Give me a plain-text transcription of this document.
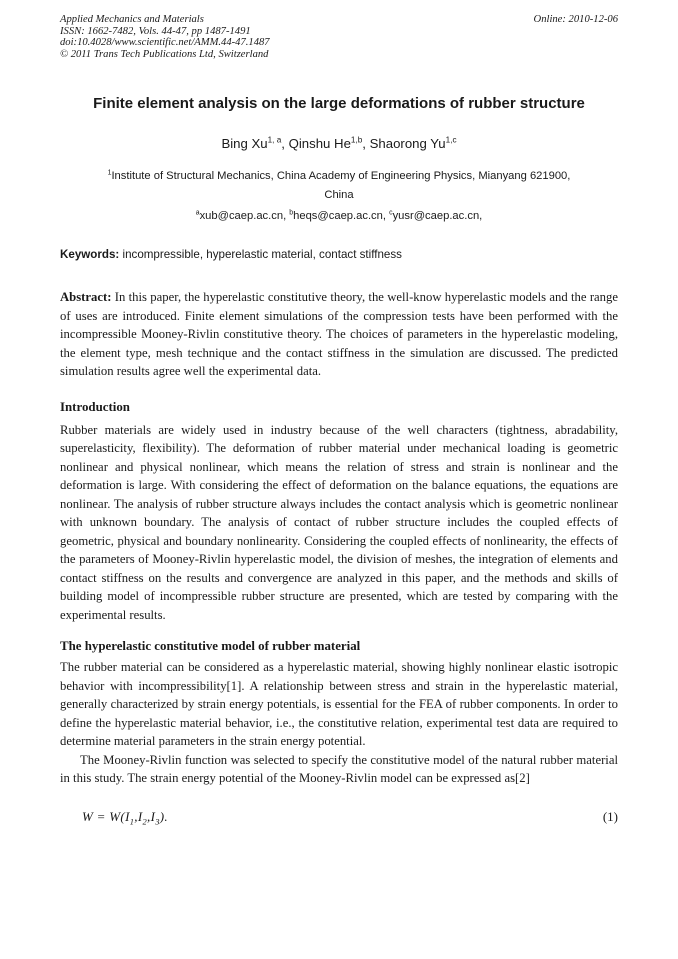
Applied Mechanics and Materials
ISSN: 1662-7482, Vols. 44-47, pp 1487-1491
doi:10.4028/www.scientific.net/AMM.44-47.1487
© 2011 Trans Tech Publications Ltd, Switzerland
Online: 2010-12-06
Finite element analysis on the large deformations of rubber structure
Bing Xu$^{1, a}$, Qinshu He$^{1,b}$, Shaorong Yu$^{1,c}$
$^1$Institute of Structural Mechanics, China Academy of Engineering Physics, Mianyang 621900,
China
$^a$xub@caep.ac.cn, $^b$heqs@caep.ac.cn, $^c$yusr@caep.ac.cn,
Keywords: incompressible, hyperelastic material, contact stiffness

Abstract: In this paper, the hyperelastic constitutive theory, the well-know hyperelastic models and the range of uses are introduced. Finite element simulations of the compression tests have been performed with the incompressible Mooney-Rivlin constitutive theory. The choices of parameters in the hyperelastic modeling, the element type, mesh technique and the contact stiffness in the simulation are discussed. The predicted simulation results agree well the experimental data.

Introduction

Rubber materials are widely used in industry because of the well characters (tightness, abradability, superelasticity, flexibility). The deformation of rubber material under mechanical loading is geometric nonlinear and physical nonlinear, which means the relation of stress and strain is nonlinear and the deformation is large. With considering the effect of deformation on the balance equations, the equations are nonlinear. The analysis of rubber structure always includes the contact analysis which is geometric nonlinear with unknown boundary. The analysis of contact of rubber structure includes the coupled effects of geometric, physical and boundary nonlinearity. Considering the coupled effects of nonlinearity, the effects of the parameters of Mooney-Rivlin hyperelastic model, the division of meshes, the integration of elements and contact stiffness on the results and convergence are analyzed in this paper, and the methods and skills of building model of incompressible rubber structure are presented, which are tested by comparing with the experimental results.

The hyperelastic constitutive model of rubber material

The rubber material can be considered as a hyperelastic material, showing highly nonlinear elastic isotropic behavior with incompressibility[1]. A relationship between stress and strain in the hyperelastic material, generally characterized by strain energy potentials, is essential for the FEA of rubber components. In order to define the hyperelastic material behavior, i.e., the constitutive relation, experimental test data are required to determine material parameters in the strain energy potential.

The Mooney-Rivlin function was selected to specify the constitutive model of the natural rubber material in this study. The strain energy potential of the Mooney-Rivlin model can be expressed as[2]

$W = W(I_1,I_2,I_3)$.	(1)
